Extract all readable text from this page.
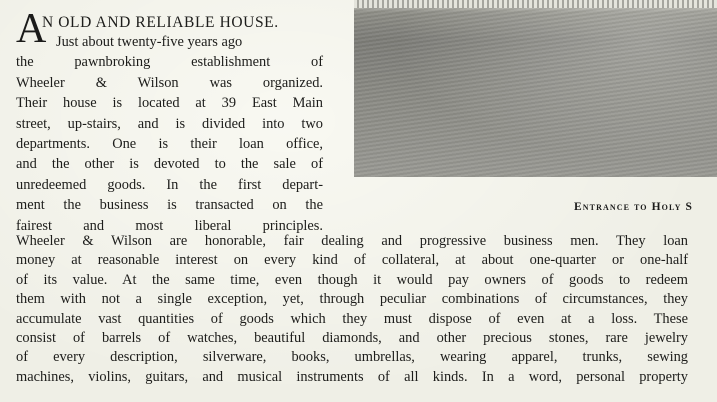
A
N OLD AND RELIABLE HOUSE.
Just about twenty-five years ago
the pawnbroking establishment of
Wheeler & Wilson was organized.
Their house is located at 39 East Main
street, up-stairs, and is divided into two
departments. One is their loan office,
and the other is devoted to the sale of
unredeemed goods. In the first depart-
ment the business is transacted on the
fairest and most liberal principles.
Entrance to Holy S
Wheeler & Wilson are honorable, fair dealing and progressive business men. They loan
money at reasonable interest on every kind of collateral, at about one-quarter or one-half
of its value. At the same time, even though it would pay owners of goods to redeem
them with not a single exception, yet, through peculiar combinations of circumstances, they
accumulate vast quantities of goods which they must dispose of even at a loss. These
consist of barrels of watches, beautiful diamonds, and other precious stones, rare jewelry
of every description, silverware, books, umbrellas, wearing apparel, trunks, sewing
machines, violins, guitars, and musical instruments of all kinds. In a word, personal property
